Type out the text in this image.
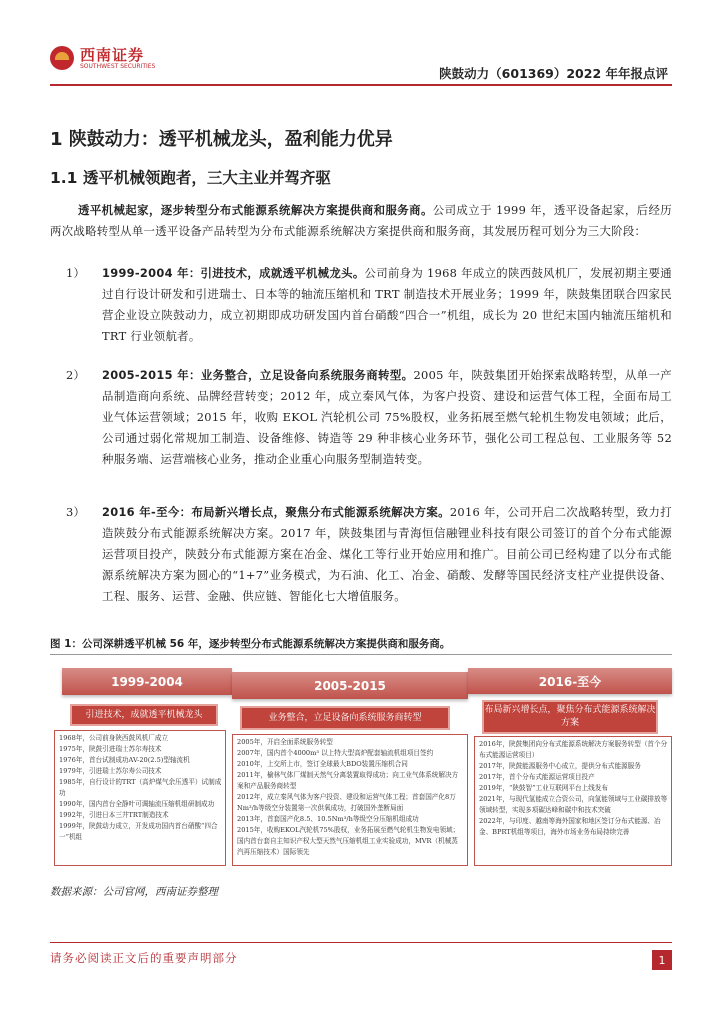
西南证券
SOUTHWEST SECURITIES	陕鼓动力（601369）2022 年年报点评
1 陕鼓动力：透平机械龙头，盈利能力优异
1.1 透平机械领跑者，三大主业并驾齐驱
透平机械起家，逐步转型分布式能源系统解决方案提供商和服务商。公司成立于 1999 年，透平设备起家，后经历两次战略转型从单一透平设备产品转型为分布式能源系统解决方案提供商和服务商，其发展历程可划分为三大阶段：
1） 1999-2004 年：引进技术，成就透平机械龙头。公司前身为 1968 年成立的陕西鼓风机厂，发展初期主要通过自行设计研发和引进瑞士、日本等的轴流压缩机和 TRT 制造技术开展业务；1999 年，陕鼓集团联合四家民营企业设立陕鼓动力，成立初期即成功研发国内首台硝酸“四合一”机组，成长为 20 世纪末国内轴流压缩机和 TRT 行业领航者。
2） 2005-2015 年：业务整合，立足设备向系统服务商转型。2005 年，陕鼓集团开始探索战略转型，从单一产品制造商向系统、品牌经营转变；2012 年，成立秦风气体，为客户投资、建设和运营气体工程，全面布局工业气体运营领域；2015 年，收购 EKOL 汽轮机公司 75%股权，业务拓展至燃气轮机生物发电领域；此后，公司通过弱化常规加工制造、设备维修、铸造等 29 种非核心业务环节，强化公司工程总包、工业服务等 52 种服务端、运营端核心业务，推动企业重心向服务型制造转变。
3） 2016 年-至今：布局新兴增长点，聚焦分布式能源系统解决方案。2016 年，公司开启二次战略转型，致力打造陕鼓分布式能源系统解决方案。2017 年，陕鼓集团与青海恒信融锂业科技有限公司签订的首个分布式能源运营项目投产，陕鼓分布式能源方案在冶金、煤化工等行业开始应用和推广。目前公司已经构建了以分布式能源系统解决方案为圆心的“1+7”业务模式，为石油、化工、冶金、硝酸、发酵等国民经济支柱产业提供设备、工程、服务、运营、金融、供应链、智能化七大增值服务。
图 1：公司深耕透平机械 56 年，逐步转型分布式能源系统解决方案提供商和服务商。
1999-2004	2005-2015	2016-至今
引进技术，成就透平机械龙头
1968年，公司前身陕西鼓风机厂成立
1975年，陕鼓引进瑞士苏尔寿技术
1976年，首台试制成功AV-20(2.5)型轴流机
1979年，引进瑞士苏尔寿公司技术
1985年，自行设计的TRT（高炉煤气余压透平）试制成功
1990年，国内首台全静叶可调轴流压缩机组研制成功
1992年，引进日本三井TRT制造技术
1999年，陕鼓动力成立，开发成功国内首台硝酸“四合一”机组
业务整合，立足设备向系统服务商转型
2005年，开启全面系统服务转型
2007年，国内首个4000m³ 以上特大型高炉配套轴流机组项目签约
2010年，上交所上市，签订全球最大BDO装置压缩机合同
2011年，榆林气体厂煤制天然气分离装置取得成功；向工业气体系统解决方案和产品服务商转型
2012年，成立秦风气体为客户投资、建设和运营气体工程；首套国产化8万Nm³/h等级空分装置第一次供氧成功，打破国外垄断局面
2013年，首套国产化8.5、10.5Nm³/h等级空分压缩机组成功
2015年，收购EKOL汽轮机75%股权，业务拓展至燃气轮机生物发电领域；国内首台套自主知识产权大型天然气压缩机组工业实验成功，MVR（机械蒸汽再压缩技术）国际领先
布局新兴增长点，聚焦分布式能源系统解决方案
2016年，陕鼓集团向分布式能源系统解决方案服务转型（首个分布式能源运营项目）
2017年，陕鼓能源服务中心成立，提供分布式能源服务
2017年，首个分布式能源运营项目投产
2019年，“陕鼓智”工业互联网平台上线发布
2021年，与现代氢能成立合资公司，向氢能领域与工业碳排放等领域转型，实现多项碳达峰和碳中和技术突破
2022年，与印度、越南等海外国家和地区签订分布式能源、冶金、BPRT机组等项目，海外市场业务布局持续完善
数据来源：公司官网，西南证券整理
请务必阅读正文后的重要声明部分	1
